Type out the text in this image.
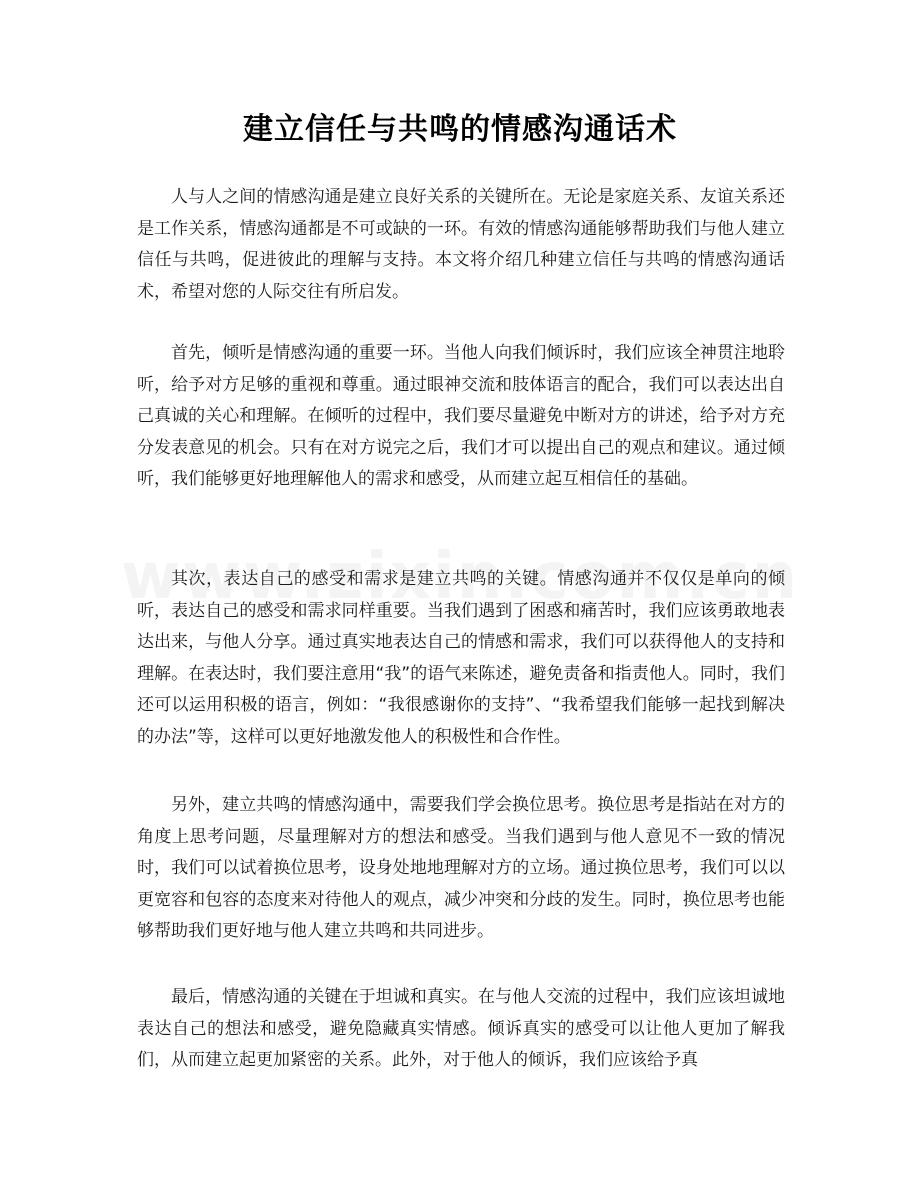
建立信任与共鸣的情感沟通话术

人与人之间的情感沟通是建立良好关系的关键所在。无论是家庭关系、友谊关系还是工作关系，情感沟通都是不可或缺的一环。有效的情感沟通能够帮助我们与他人建立信任与共鸣，促进彼此的理解与支持。本文将介绍几种建立信任与共鸣的情感沟通话术，希望对您的人际交往有所启发。

首先，倾听是情感沟通的重要一环。当他人向我们倾诉时，我们应该全神贯注地聆听，给予对方足够的重视和尊重。通过眼神交流和肢体语言的配合，我们可以表达出自己真诚的关心和理解。在倾听的过程中，我们要尽量避免中断对方的讲述，给予对方充分发表意见的机会。只有在对方说完之后，我们才可以提出自己的观点和建议。通过倾听，我们能够更好地理解他人的需求和感受，从而建立起互相信任的基础。

其次，表达自己的感受和需求是建立共鸣的关键。情感沟通并不仅仅是单向的倾听，表达自己的感受和需求同样重要。当我们遇到了困惑和痛苦时，我们应该勇敢地表达出来，与他人分享。通过真实地表达自己的情感和需求，我们可以获得他人的支持和理解。在表达时，我们要注意用“我”的语气来陈述，避免责备和指责他人。同时，我们还可以运用积极的语言，例如：“我很感谢你的支持”、“我希望我们能够一起找到解决的办法”等，这样可以更好地激发他人的积极性和合作性。

另外，建立共鸣的情感沟通中，需要我们学会换位思考。换位思考是指站在对方的角度上思考问题，尽量理解对方的想法和感受。当我们遇到与他人意见不一致的情况时，我们可以试着换位思考，设身处地地理解对方的立场。通过换位思考，我们可以以更宽容和包容的态度来对待他人的观点，减少冲突和分歧的发生。同时，换位思考也能够帮助我们更好地与他人建立共鸣和共同进步。

最后，情感沟通的关键在于坦诚和真实。在与他人交流的过程中，我们应该坦诚地表达自己的想法和感受，避免隐藏真实情感。倾诉真实的感受可以让他人更加了解我们，从而建立起更加紧密的关系。此外，对于他人的倾诉，我们应该给予真
